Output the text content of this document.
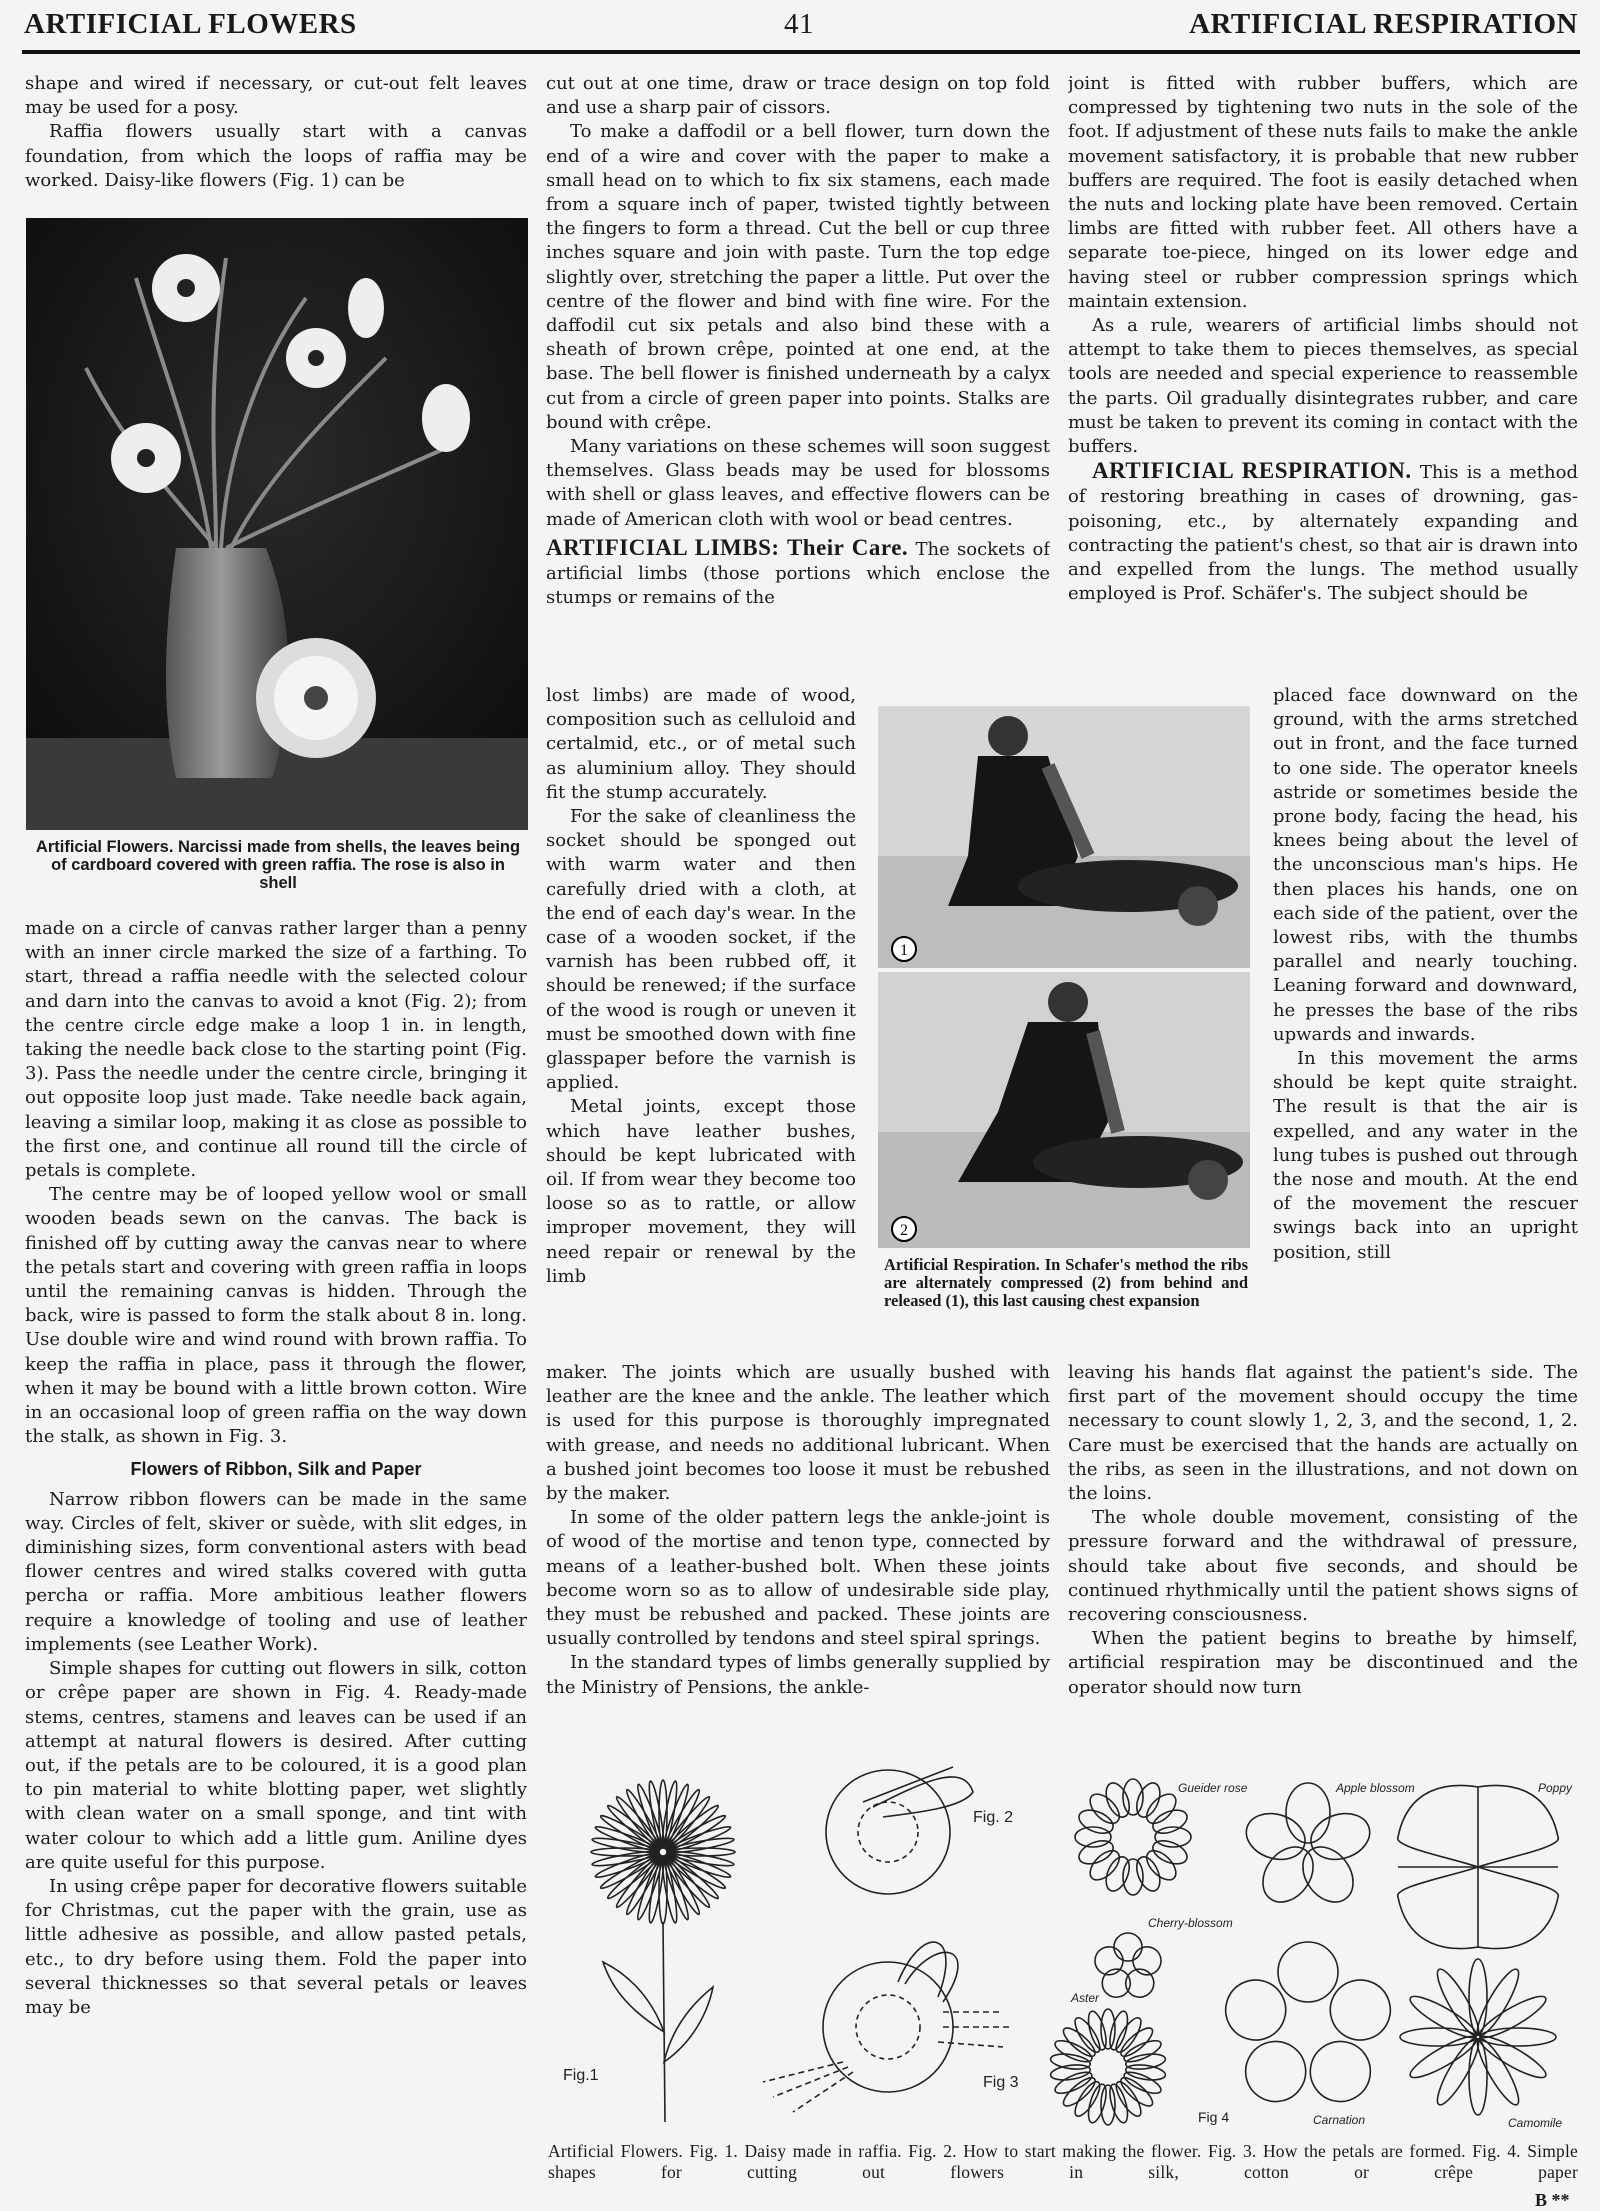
ARTIFICIAL FLOWERS	41	ARTIFICIAL RESPIRATION

shape and wired if necessary, or cut-out felt leaves may be used for a posy.

Raffia flowers usually start with a canvas foundation, from which the loops of raffia may be worked. Daisy-like flowers (Fig. 1) can be

Artificial Flowers. Narcissi made from shells, the leaves being of cardboard covered with green raffia. The rose is also in shell

made on a circle of canvas rather larger than a penny with an inner circle marked the size of a farthing. To start, thread a raffia needle with the selected colour and darn into the canvas to avoid a knot (Fig. 2); from the centre circle edge make a loop 1 in. in length, taking the needle back close to the starting point (Fig. 3). Pass the needle under the centre circle, bringing it out opposite loop just made. Take needle back again, leaving a similar loop, making it as close as possible to the first one, and continue all round till the circle of petals is complete.

The centre may be of looped yellow wool or small wooden beads sewn on the canvas. The back is finished off by cutting away the canvas near to where the petals start and covering with green raffia in loops until the remaining canvas is hidden. Through the back, wire is passed to form the stalk about 8 in. long. Use double wire and wind round with brown raffia. To keep the raffia in place, pass it through the flower, when it may be bound with a little brown cotton. Wire in an occasional loop of green raffia on the way down the stalk, as shown in Fig. 3.

Flowers of Ribbon, Silk and Paper

Narrow ribbon flowers can be made in the same way. Circles of felt, skiver or suède, with slit edges, in diminishing sizes, form conventional asters with bead flower centres and wired stalks covered with gutta percha or raffia. More ambitious leather flowers require a knowledge of tooling and use of leather implements (see Leather Work).

Simple shapes for cutting out flowers in silk, cotton or crêpe paper are shown in Fig. 4. Ready-made stems, centres, stamens and leaves can be used if an attempt at natural flowers is desired. After cutting out, if the petals are to be coloured, it is a good plan to pin material to white blotting paper, wet slightly with clean water on a small sponge, and tint with water colour to which add a little gum. Aniline dyes are quite useful for this purpose.

In using crêpe paper for decorative flowers suitable for Christmas, cut the paper with the grain, use as little adhesive as possible, and allow pasted petals, etc., to dry before using them. Fold the paper into several thicknesses so that several petals or leaves may be

cut out at one time, draw or trace design on top fold and use a sharp pair of cissors.

To make a daffodil or a bell flower, turn down the end of a wire and cover with the paper to make a small head on to which to fix six stamens, each made from a square inch of paper, twisted tightly between the fingers to form a thread. Cut the bell or cup three inches square and join with paste. Turn the top edge slightly over, stretching the paper a little. Put over the centre of the flower and bind with fine wire. For the daffodil cut six petals and also bind these with a sheath of brown crêpe, pointed at one end, at the base. The bell flower is finished underneath by a calyx cut from a circle of green paper into points. Stalks are bound with crêpe.

Many variations on these schemes will soon suggest themselves. Glass beads may be used for blossoms with shell or glass leaves, and effective flowers can be made of American cloth with wool or bead centres.

ARTIFICIAL LIMBS: Their Care. The sockets of artificial limbs (those portions which enclose the stumps or remains of the

lost limbs) are made of wood, composition such as celluloid and certalmid, etc., or of metal such as aluminium alloy. They should fit the stump accurately.

For the sake of cleanliness the socket should be sponged out with warm water and then carefully dried with a cloth, at the end of each day's wear. In the case of a wooden socket, if the varnish has been rubbed off, it should be renewed; if the surface of the wood is rough or uneven it must be smoothed down with fine glasspaper before the varnish is applied.

Metal joints, except those which have leather bushes, should be kept lubricated with oil. If from wear they become too loose so as to rattle, or allow improper movement, they will need repair or renewal by the limb

maker. The joints which are usually bushed with leather are the knee and the ankle. The leather which is used for this purpose is thoroughly impregnated with grease, and needs no additional lubricant. When a bushed joint becomes too loose it must be rebushed by the maker.

In some of the older pattern legs the ankle-joint is of wood of the mortise and tenon type, connected by means of a leather-bushed bolt. When these joints become worn so as to allow of undesirable side play, they must be rebushed and packed. These joints are usually controlled by tendons and steel spiral springs.

In the standard types of limbs generally supplied by the Ministry of Pensions, the ankle-

1
2
Artificial Respiration. In Schafer's method the ribs are alternately compressed (2) from behind and released (1), this last causing chest expansion

joint is fitted with rubber buffers, which are compressed by tightening two nuts in the sole of the foot. If adjustment of these nuts fails to make the ankle movement satisfactory, it is probable that new rubber buffers are required. The foot is easily detached when the nuts and locking plate have been removed. Certain limbs are fitted with rubber feet. All others have a separate toe-piece, hinged on its lower edge and having steel or rubber compression springs which maintain extension.

As a rule, wearers of artificial limbs should not attempt to take them to pieces themselves, as special tools are needed and special experience to reassemble the parts. Oil gradually disintegrates rubber, and care must be taken to prevent its coming in contact with the buffers.

ARTIFICIAL RESPIRATION. This is a method of restoring breathing in cases of drowning, gas-poisoning, etc., by alternately expanding and contracting the patient's chest, so that air is drawn into and expelled from the lungs. The method usually employed is Prof. Schäfer's. The subject should be

placed face downward on the ground, with the arms stretched out in front, and the face turned to one side. The operator kneels astride or sometimes beside the prone body, facing the head, his knees being about the level of the unconscious man's hips. He then places his hands, one on each side of the patient, over the lowest ribs, with the thumbs parallel and nearly touching. Leaning forward and downward, he presses the base of the ribs upwards and inwards.

In this movement the arms should be kept quite straight. The result is that the air is expelled, and any water in the lung tubes is pushed out through the nose and mouth. At the end of the movement the rescuer swings back into an upright position, still

leaving his hands flat against the patient's side. The first part of the movement should occupy the time necessary to count slowly 1, 2, 3, and the second, 1, 2. Care must be exercised that the hands are actually on the ribs, as seen in the illustrations, and not down on the loins.

The whole double movement, consisting of the pressure forward and the withdrawal of pressure, should take about five seconds, and should be continued rhythmically until the patient shows signs of recovering consciousness.

When the patient begins to breathe by himself, artificial respiration may be discontinued and the operator should now turn

Fig.1
Fig. 2
Fig 3
Gueider rose	Apple blossom	Poppy
Cherry-blossom
Aster
Carnation	Camomile
Fig 4
Artificial Flowers. Fig. 1. Daisy made in raffia. Fig. 2. How to start making the flower. Fig. 3. How the petals are formed. Fig. 4. Simple shapes for cutting out flowers in silk, cotton or crêpe paper
B **
